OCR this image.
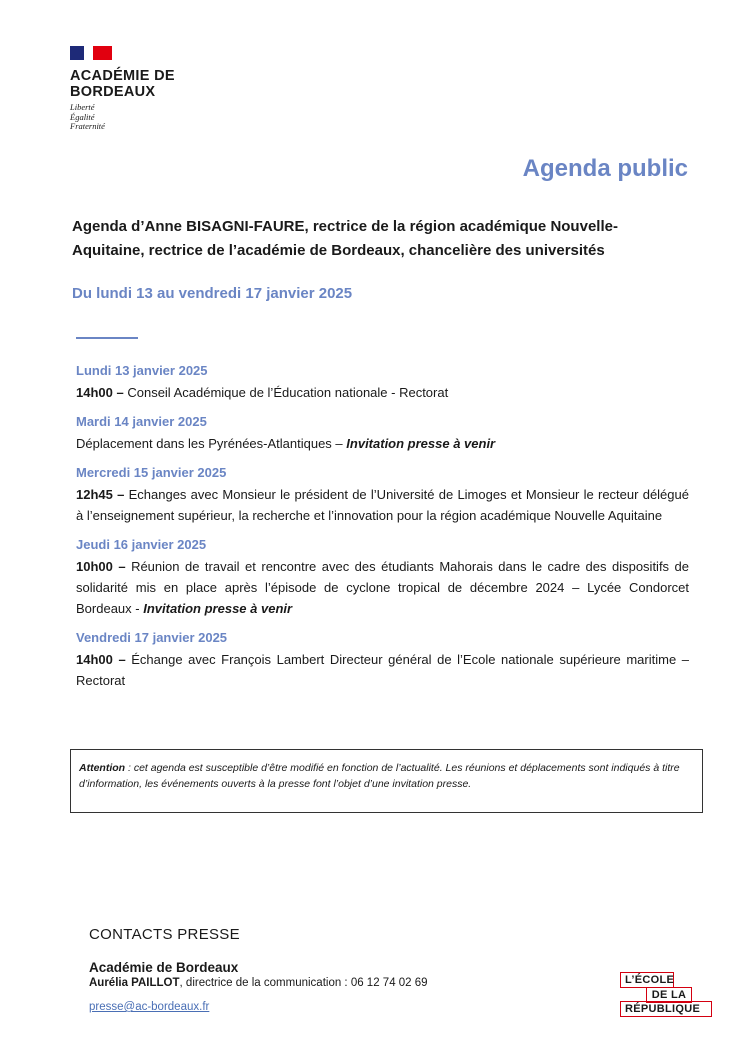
ACADÉMIE DE BORDEAUX
Liberté
Égalité
Fraternité
Agenda public
Agenda d’Anne BISAGNI-FAURE, rectrice de la région académique Nouvelle-Aquitaine, rectrice de l’académie de Bordeaux, chancelière des universités
Du lundi 13 au vendredi 17 janvier 2025
Lundi 13 janvier 2025
14h00 – Conseil Académique de l’Éducation nationale - Rectorat
Mardi 14 janvier 2025
Déplacement dans les Pyrénées-Atlantiques – Invitation presse à venir
Mercredi 15 janvier 2025
12h45 – Echanges avec Monsieur le président de l’Université de Limoges et Monsieur le recteur délégué à l’enseignement supérieur, la recherche et l’innovation pour la région académique Nouvelle Aquitaine
Jeudi 16 janvier 2025
10h00 – Réunion de travail et rencontre avec des étudiants Mahorais dans le cadre des dispositifs de solidarité mis en place après l’épisode de cyclone tropical de décembre 2024 – Lycée Condorcet Bordeaux - Invitation presse à venir
Vendredi 17 janvier 2025
14h00 – Échange avec François Lambert Directeur général de l’Ecole nationale supérieure maritime – Rectorat
Attention : cet agenda est susceptible d’être modifié en fonction de l’actualité. Les réunions et déplacements sont indiqués à titre d’information, les événements ouverts à la presse font l’objet d’une invitation presse.
CONTACTS PRESSE
Académie de Bordeaux
Aurélia PAILLOT, directrice de la communication : 06 12 74 02 69
presse@ac-bordeaux.fr
L’ÉCOLE
DE LA
RÉPUBLIQUE
